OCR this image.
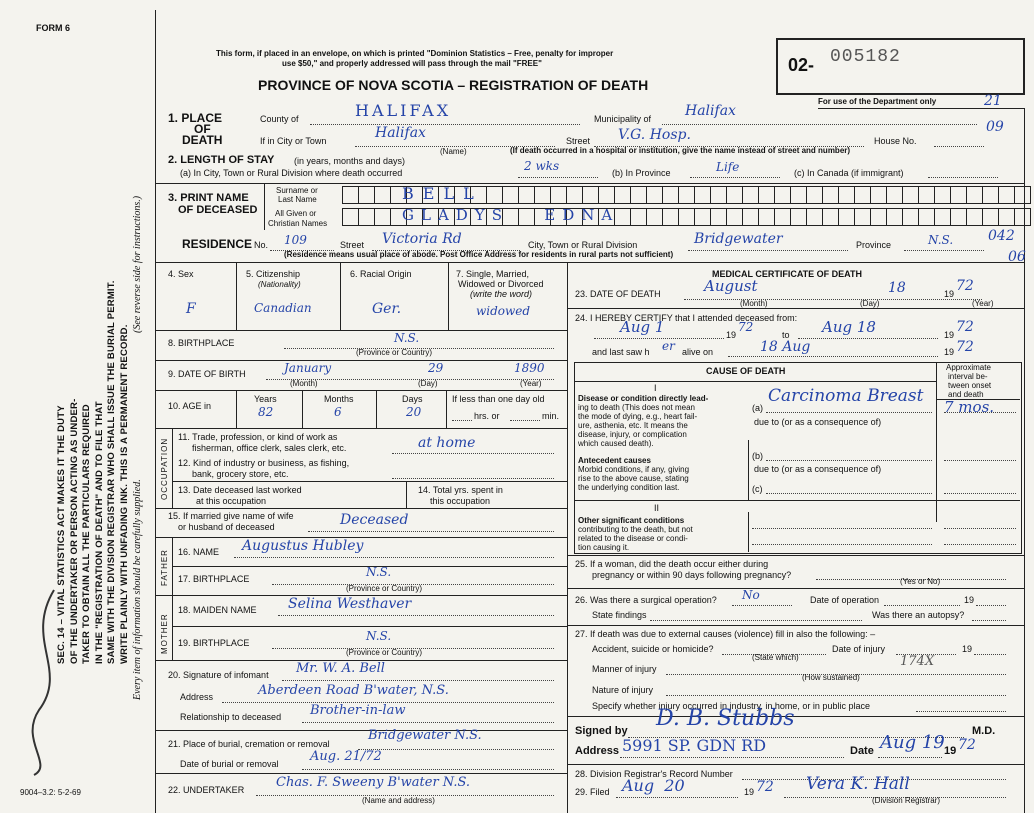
FORM 6
SEC. 14 – VITAL STATISTICS ACT MAKES IT THE DUTY OF THE UNDERTAKER OR PERSON ACTING AS UNDER- TAKER TO OBTAIN ALL THE PARTICULARS REQUIRED IN THE "REGISTRATION OF DEATH" AND TO FILE THAT SAME WITH THE DIVISION REGISTRAR WHO SHALL ISSUE THE BURIAL PERMIT. WRITE PLAINLY WITH UNFADING INK. THIS IS A PERMANENT RECORD. Every item of information should be carefully supplied.
(See reverse side for instructions.)
9004–3.2: 5-2-69
This form, if placed in an envelope, on which is printed "Dominion Statistics – Free, penalty for improper
use $50," and properly addressed will pass through the mail "FREE"
PROVINCE OF NOVA SCOTIA – REGISTRATION OF DEATH
02- 005182
For use of the Department only	21
09
042
06
1. PLACE
OF
DEATH
County of	HALIFAX	Municipality of Halifax
If in City or Town	Halifax
(Name)
Street V.G. Hosp.	House No.
(If death occurred in a hospital or institution, give the name instead of street and number)
2. LENGTH OF STAY (in years, months and days)
(a) In City, Town or Rural Division where death occurred	2 wks	(b) In Province	Life	(c) In Canada (if immigrant)
3. PRINT NAME
OF DECEASED
Surname or
Last Name
All Given or
Christian Names
BELL
GLADYS   EDNA
RESIDENCE No. 109	Street Victoria Rd	City, Town or Rural Division	Bridgewater	Province	N.S.
(Residence means usual place of abode. Post Office Address for residents in rural parts not sufficient)
4. Sex
F
5. Citizenship
(Nationality)
Canadian
6. Racial Origin
Ger.
7. Single, Married,
Widowed or Divorced
(write the word)
widowed
8. BIRTHPLACE	N.S.
(Province or Country)
9. DATE OF BIRTH	January	29	1890
(Month)	(Day)	(Year)
10. AGE in
Years
82
Months
6
Days
20
If less than one day old
hrs. or	min.
OCCUPATION
11. Trade, profession, or kind of work as
fisherman, office clerk, sales clerk, etc.	at home
12. Kind of industry or business, as fishing,
bank, grocery store, etc.
13. Date deceased last worked
at this occupation
14. Total yrs. spent in
this occupation
15. If married give name of wife
or husband of deceased	Deceased
FATHER 16. NAME Augustus Hubley
17. BIRTHPLACE	N.S.
(Province or Country)
MOTHER
18. MAIDEN NAME Selina Westhaver
19. BIRTHPLACE	N.S.
(Province or Country)
20. Signature of infomant Mr. W. A. Bell
Address	Aberdeen Road B'water, N.S.
Relationship to deceased Brother-in-law
21. Place of burial, cremation or removal
Bridgewater N.S.
Date of burial or removal Aug. 21/72
22. UNDERTAKER Chas. F. Sweeny B'water N.S.
(Name and address)
MEDICAL CERTIFICATE OF DEATH
23. DATE OF DEATH	August	18	19 72
(Month)	(Day)	(Year)
24. I HEREBY CERTIFY that I attended deceased from:
Aug 1	19
72
to Aug 18	19 72
and last saw h er alive on	18 Aug	19 72
CAUSE OF DEATH	Approximate
interval be-
tween onset
and death
I
Disease or condition directly lead-
ing to death (This does not mean
the mode of dying, e.g., heart fail-
ure, asthenia, etc. It means the
disease, injury, or complication
which caused death).
(a)
Carcinoma Breast
7 mos.
due to (or as a consequence of)
Antecedent causes
Morbid conditions, if any, giving
rise to the above cause, stating
the underlying condition last.
(b)
due to (or as a consequence of)
(c)
II
Other significant conditions
contributing to the death, but not
related to the disease or condi-
tion causing it.
25. If a woman, did the death occur either during
pregnancy or within 90 days following pregnancy?
(Yes or No)
26. Was there a surgical operation? No	Date of operation	19
State findings	Was there an autopsy?
27. If death was due to external causes (violence) fill in also the following: –
Accident, suicide or homicide?
(State which)
Date of injury	19
Manner of injury	174X
(How sustained)
Nature of injury
Specify whether injury occurred in industry, in home, or in public place
Signed by D. B. Stubbs	M.D.
Address 5991 SP. GDN RD	Date Aug 19 19 72
28. Division Registrar's Record Number
29. Filed Aug  20	19 72 Vera K. Hall
(Division Registrar)
